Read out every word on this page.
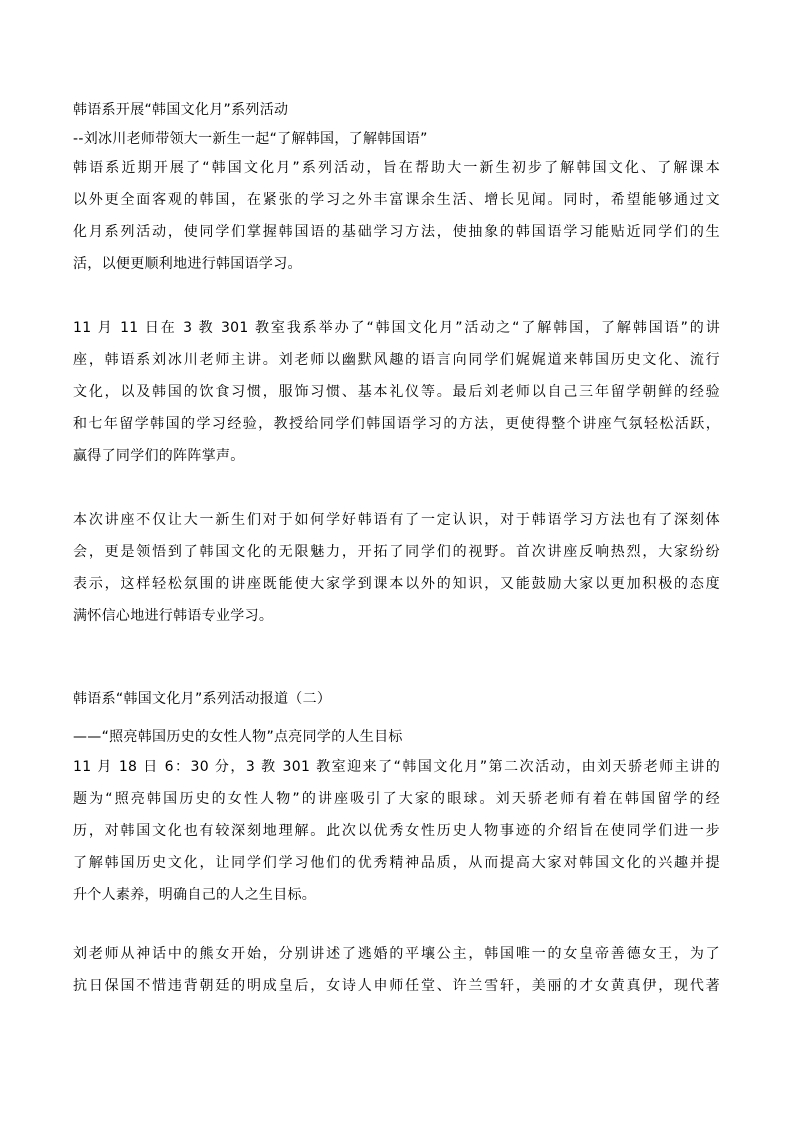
韩语系开展“韩国文化月”系列活动
--刘冰川老师带领大一新生一起“了解韩国，了解韩国语”
韩语系近期开展了“韩国文化月”系列活动，旨在帮助大一新生初步了解韩国文化、了解课本
以外更全面客观的韩国，在紧张的学习之外丰富课余生活、增长见闻。同时，希望能够通过文
化月系列活动，使同学们掌握韩国语的基础学习方法，使抽象的韩国语学习能贴近同学们的生
活，以便更顺利地进行韩国语学习。
11 月 11 日在 3 教 301 教室我系举办了“韩国文化月”活动之“了解韩国，了解韩国语”的讲
座，韩语系刘冰川老师主讲。刘老师以幽默风趣的语言向同学们娓娓道来韩国历史文化、流行
文化，以及韩国的饮食习惯，服饰习惯、基本礼仪等。最后刘老师以自己三年留学朝鲜的经验
和七年留学韩国的学习经验，教授给同学们韩国语学习的方法，更使得整个讲座气氛轻松活跃，
赢得了同学们的阵阵掌声。
本次讲座不仅让大一新生们对于如何学好韩语有了一定认识，对于韩语学习方法也有了深刻体
会，更是领悟到了韩国文化的无限魅力，开拓了同学们的视野。首次讲座反响热烈，大家纷纷
表示，这样轻松氛围的讲座既能使大家学到课本以外的知识，又能鼓励大家以更加积极的态度
满怀信心地进行韩语专业学习。
韩语系“韩国文化月”系列活动报道（二）
——“照亮韩国历史的女性人物”点亮同学的人生目标
11 月 18 日 6：30 分，3 教 301 教室迎来了“韩国文化月”第二次活动，由刘天骄老师主讲的
题为“照亮韩国历史的女性人物”的讲座吸引了大家的眼球。刘天骄老师有着在韩国留学的经
历，对韩国文化也有较深刻地理解。此次以优秀女性历史人物事迹的介绍旨在使同学们进一步
了解韩国历史文化，让同学们学习他们的优秀精神品质，从而提高大家对韩国文化的兴趣并提
升个人素养，明确自己的人之生目标。
刘老师从神话中的熊女开始，分别讲述了逃婚的平壤公主，韩国唯一的女皇帝善德女王，为了
抗日保国不惜违背朝廷的明成皇后，女诗人申师任堂、许兰雪轩，美丽的才女黄真伊，现代著
